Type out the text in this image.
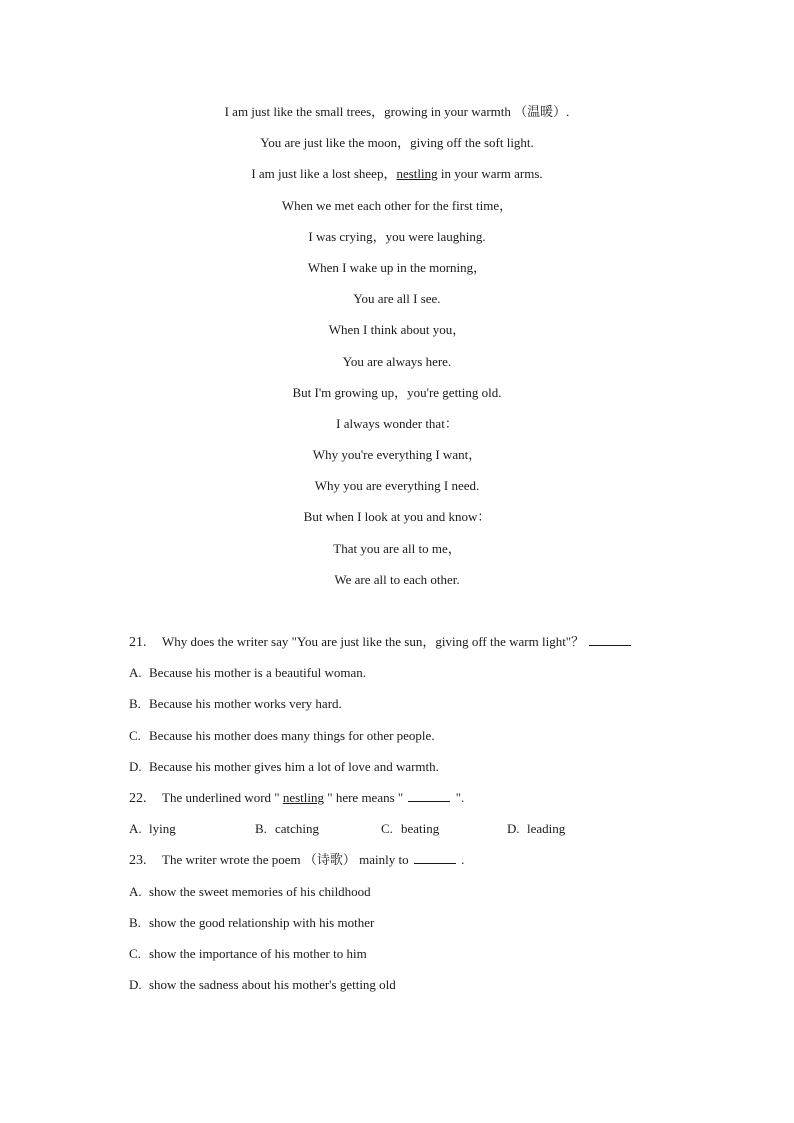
I am just like the small trees，growing in your warmth （温暖）.
You are just like the moon，giving off the soft light.
I am just like a lost sheep，nestling in your warm arms.
When we met each other for the first time，
I was crying，you were laughing.
When I wake up in the morning，
You are all I see.
When I think about you，
You are always here.
But I'm growing up，you're getting old.
I always wonder that：
Why you're everything I want，
Why you are everything I need.
But when I look at you and know：
That you are all to me，
We are all to each other.
21. Why does the writer say "You are just like the sun，giving off the warm light"？
A. Because his mother is a beautiful woman.
B. Because his mother works very hard.
C. Because his mother does many things for other people.
D. Because his mother gives him a lot of love and warmth.
22. The underlined word " nestling " here means "	".
A. lying	B. catching	C. beating	D. leading
23. The writer wrote the poem （诗歌） mainly to	.
A. show the sweet memories of his childhood
B. show the good relationship with his mother
C. show the importance of his mother to him
D. show the sadness about his mother's getting old
